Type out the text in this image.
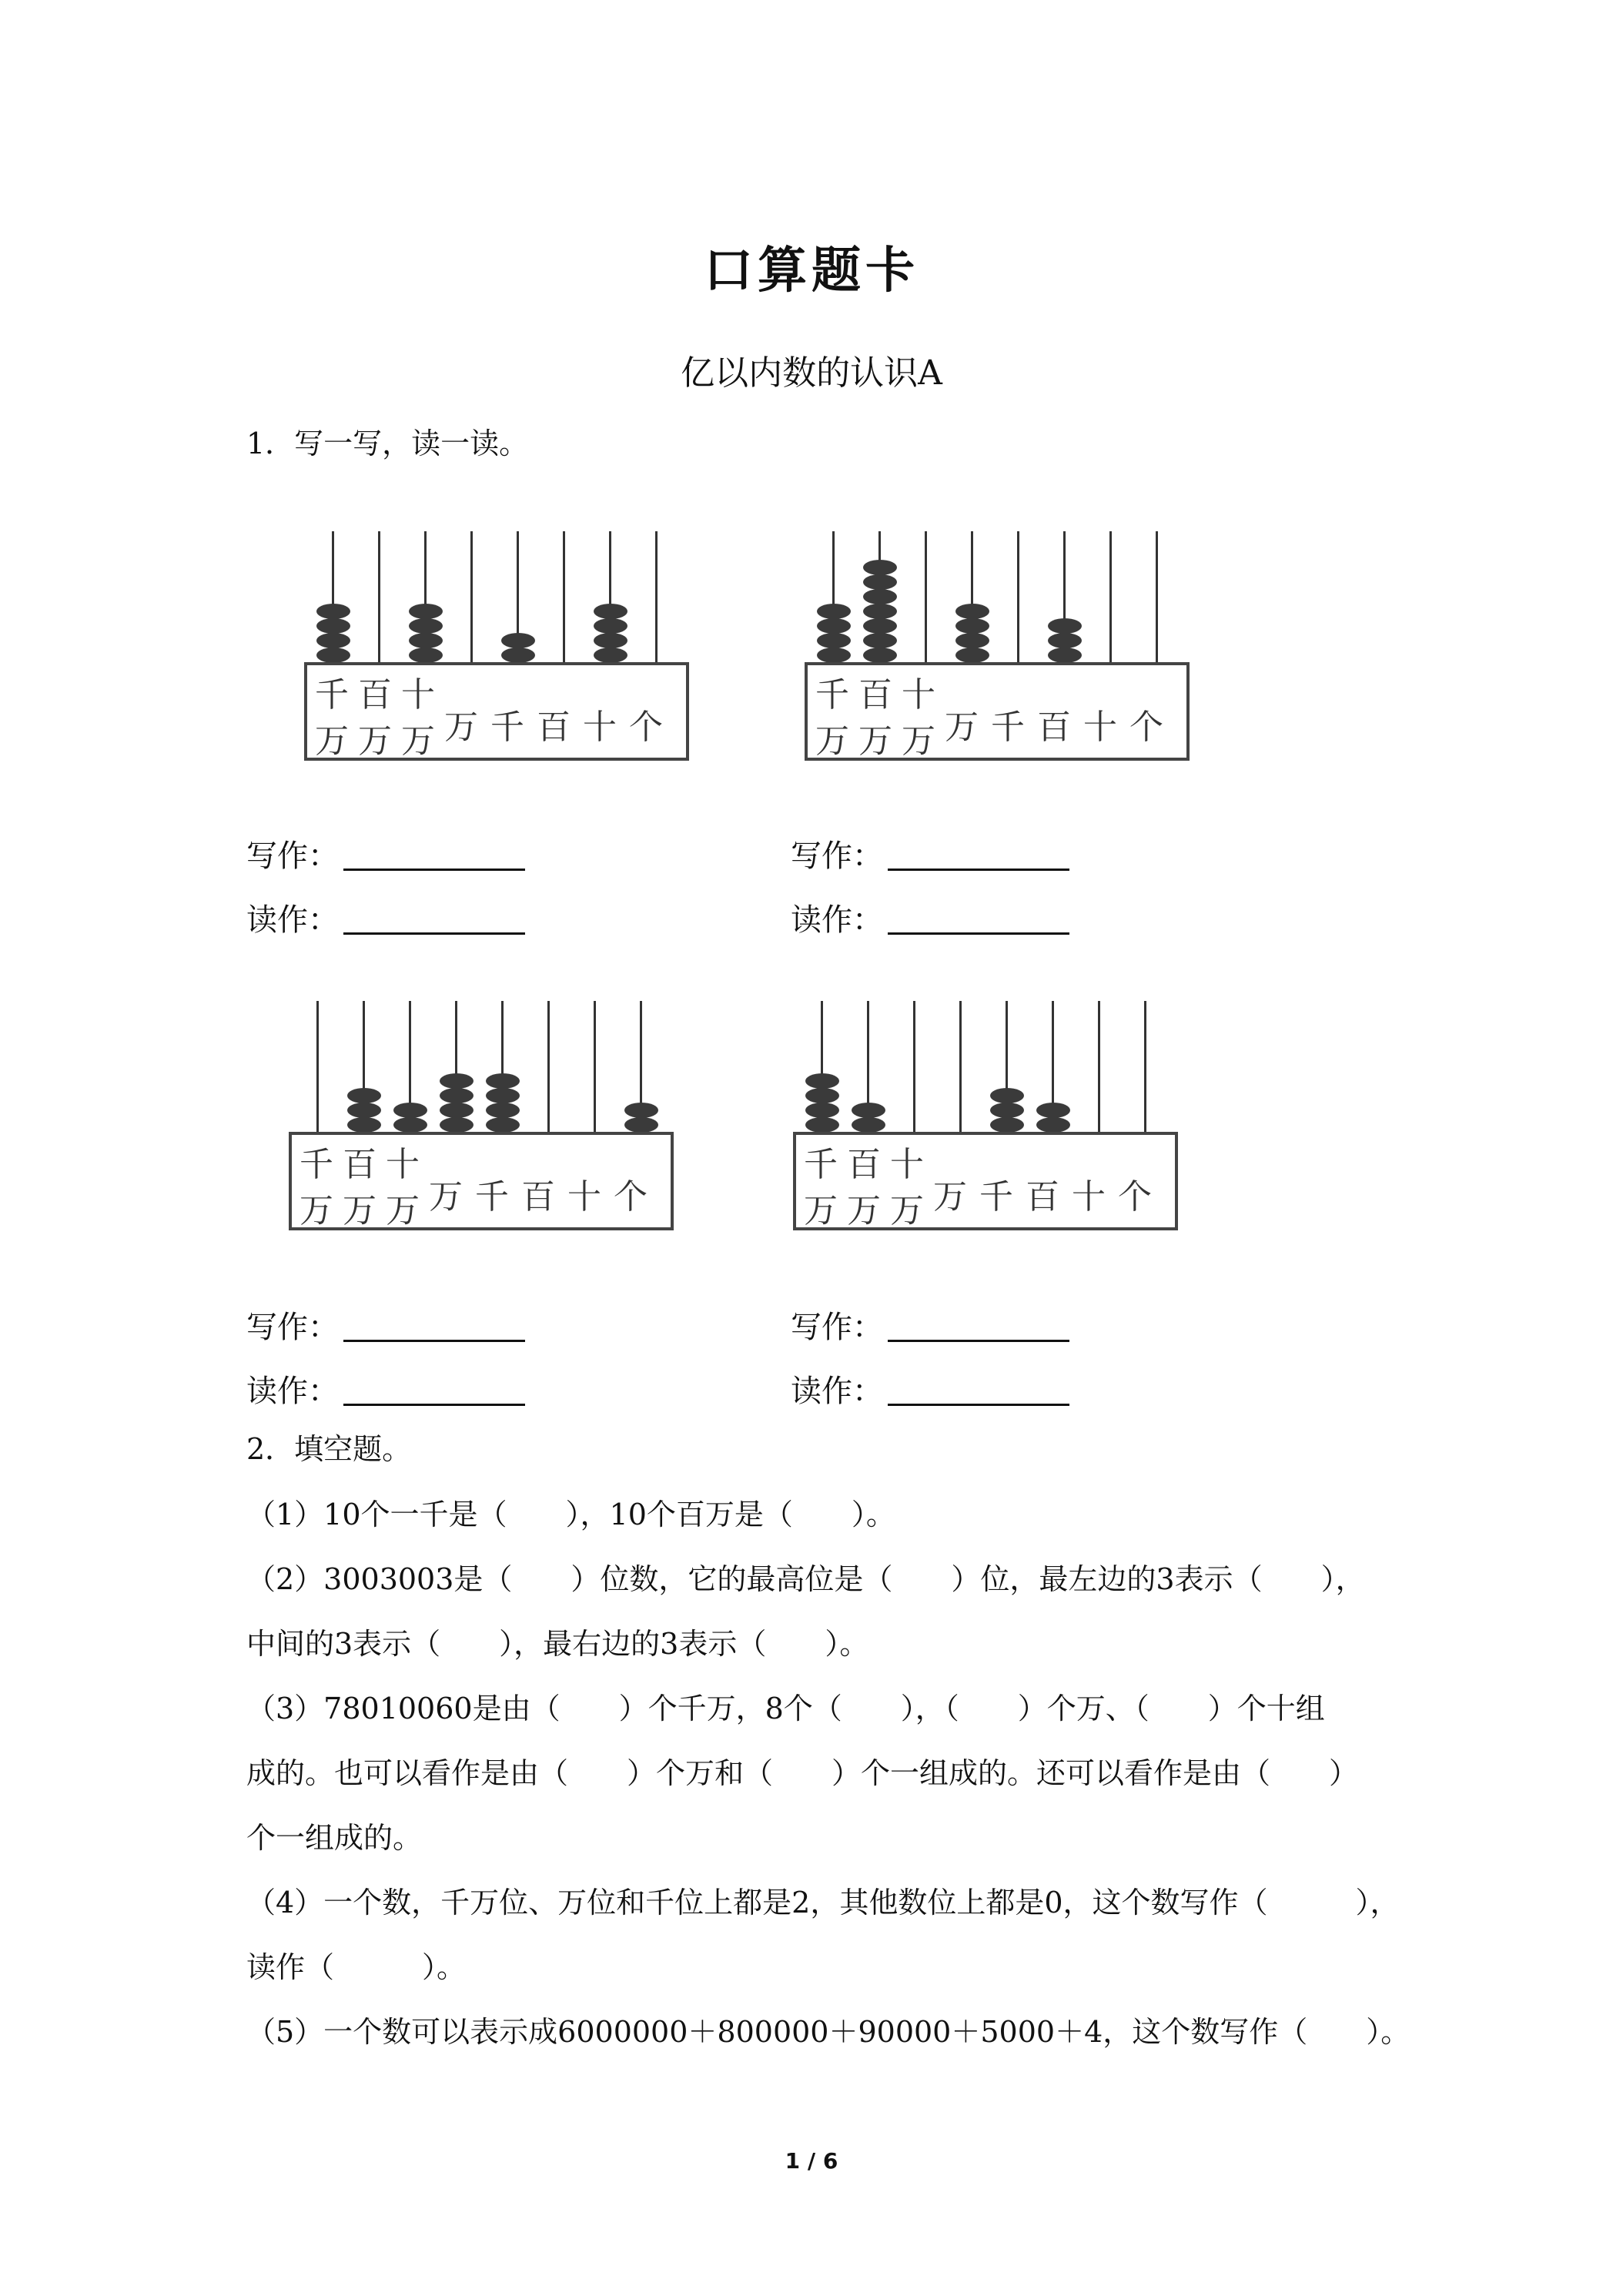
口算题卡
亿以内数的认识A
1．写一写，读一读。
千 百 十
万 万 万 万 千 百 十 个
千 百 十
万 万 万 万 千 百 十 个
千 百 十
万 万 万 万 千 百 十 个
千 百 十
万 万 万 万 千 百 十 个
写作：
读作：
写作：
读作：
写作：
读作：
写作：
读作：
2．填空题。
（1）10个一千是（　　），10个百万是（　　）。
（2）3003003是（　　）位数，它的最高位是（　　）位，最左边的3表示（　　），
中间的3表示（　　），最右边的3表示（　　）。
（3）78010060是由（　　）个千万，8个（　　），（　　）个万、（　　）个十组
成的。也可以看作是由（　　）个万和（　　）个一组成的。还可以看作是由（　　）
个一组成的。
（4）一个数，千万位、万位和千位上都是2，其他数位上都是0，这个数写作（　　　），
读作（　　　）。
（5）一个数可以表示成6000000＋800000＋90000＋5000＋4，这个数写作（　　）。
1 / 6
